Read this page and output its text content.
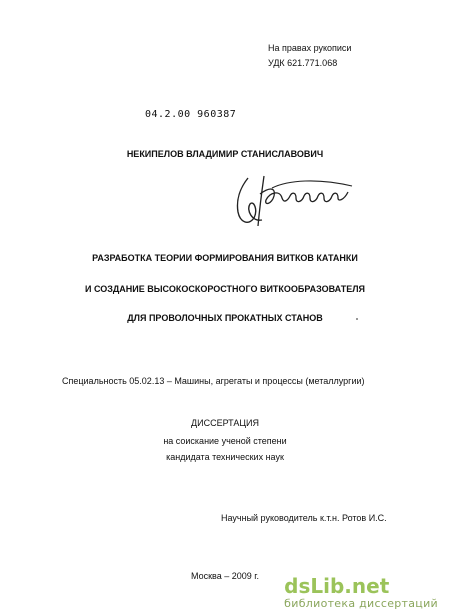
На правах рукописи
УДК 621.771.068
04.2.00 960387
НЕКИПЕЛОВ ВЛАДИМИР СТАНИСЛАВОВИЧ
РАЗРАБОТКА ТЕОРИИ ФОРМИРОВАНИЯ ВИТКОВ КАТАНКИ
И СОЗДАНИЕ ВЫСОКОСКОРОСТНОГО ВИТКООБРАЗОВАТЕЛЯ
ДЛЯ ПРОВОЛОЧНЫХ ПРОКАТНЫХ СТАНОВ
Специальность 05.02.13 – Машины, агрегаты и процессы (металлургии)
ДИССЕРТАЦИЯ
на соискание ученой степени
кандидата технических наук
Научный руководитель к.т.н. Ротов И.С.
Москва – 2009 г.	dsLib.net
библиотека диссертаций
